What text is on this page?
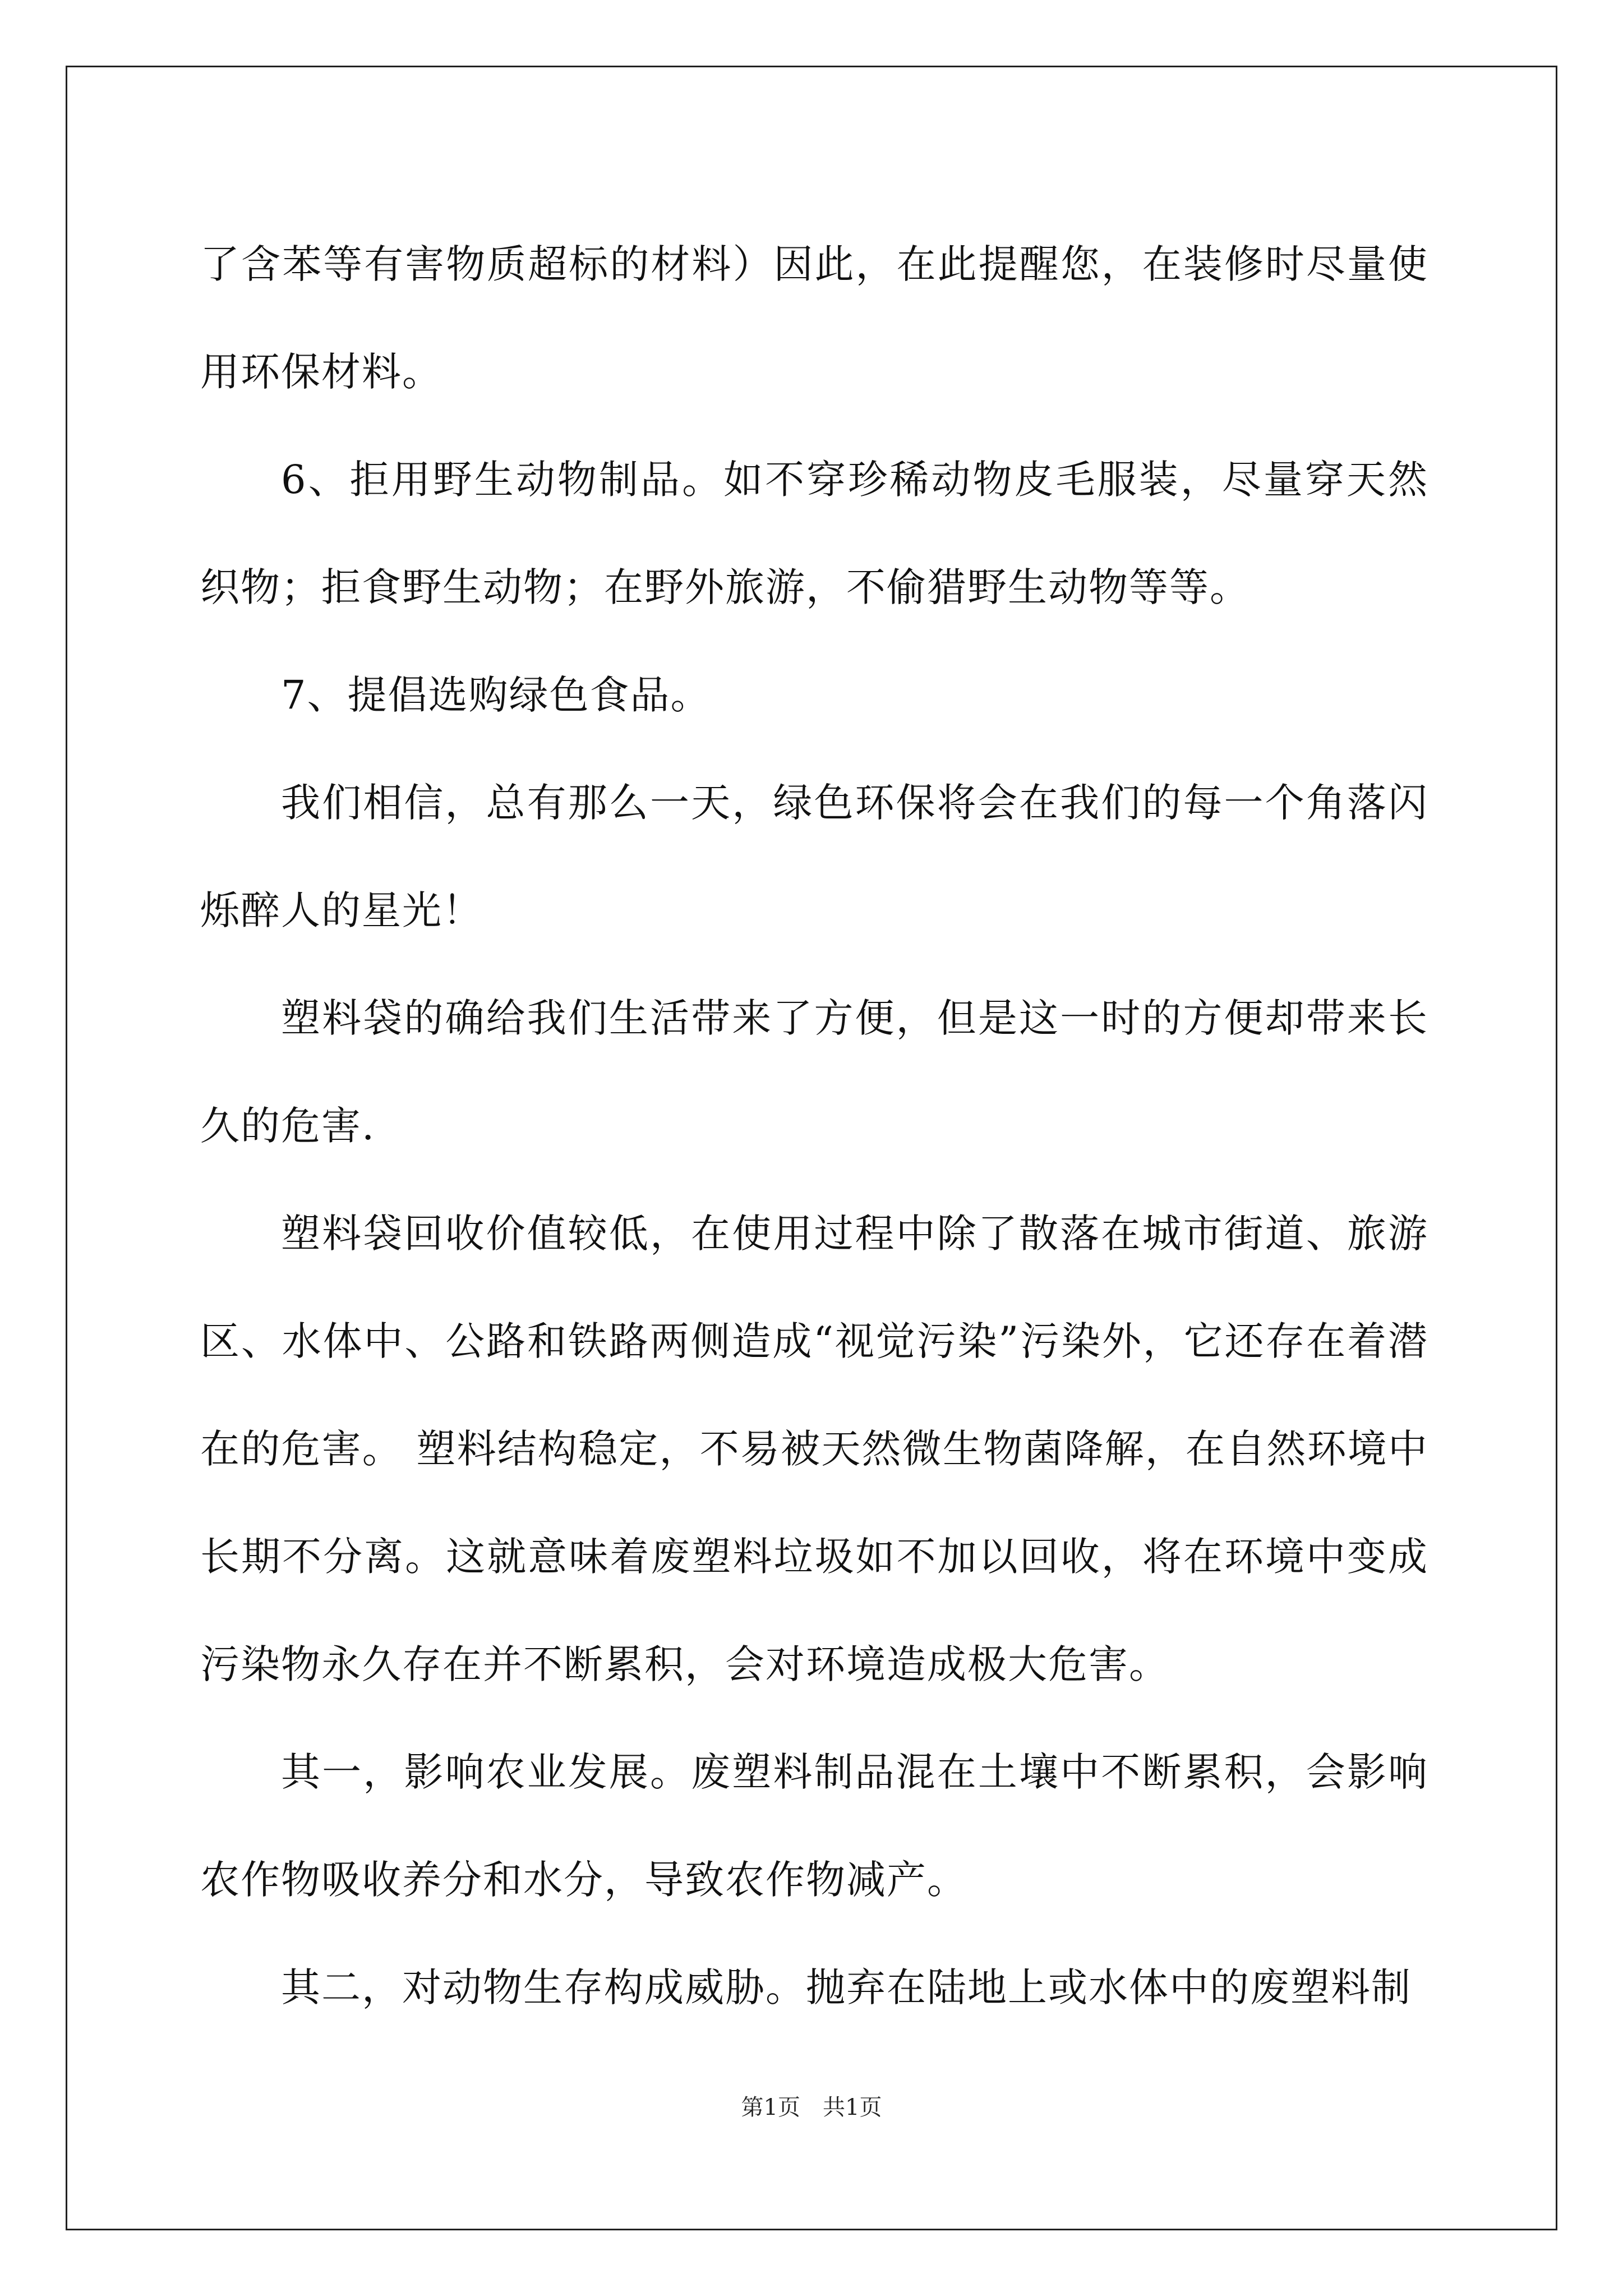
了含苯等有害物质超标的材料）因此，在此提醒您，在装修时尽量使用环保材料。

6、拒用野生动物制品。如不穿珍稀动物皮毛服装，尽量穿天然织物；拒食野生动物；在野外旅游，不偷猎野生动物等等。

7、提倡选购绿色食品。

我们相信，总有那么一天，绿色环保将会在我们的每一个角落闪烁醉人的星光！

塑料袋的确给我们生活带来了方便，但是这一时的方便却带来长久的危害.

塑料袋回收价值较低，在使用过程中除了散落在城市街道、旅游区、水体中、公路和铁路两侧造成“视觉污染”污染外，它还存在着潜在的危害。 塑料结构稳定，不易被天然微生物菌降解，在自然环境中长期不分离。这就意味着废塑料垃圾如不加以回收，将在环境中变成污染物永久存在并不断累积，会对环境造成极大危害。

其一，影响农业发展。废塑料制品混在土壤中不断累积，会影响农作物吸收养分和水分，导致农作物减产。

其二，对动物生存构成威胁。抛弃在陆地上或水体中的废塑料制

第1页　共1页
